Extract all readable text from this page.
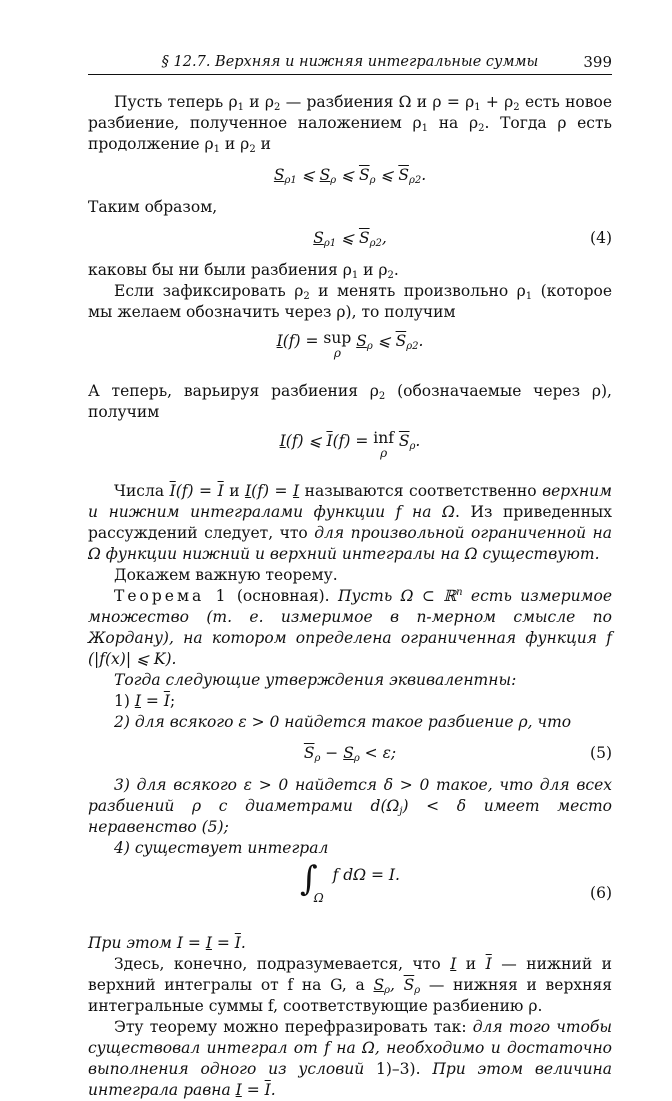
§ 12.7. Верхняя и нижняя интегральные суммы	399

Пусть теперь $\rho_1$ и $\rho_2$ — разбиения Ω и $\rho = \rho_1 + \rho_2$ есть новое разбиение, полученное наложением $\rho_1$ на $\rho_2$. Тогда ρ есть продолжение $\rho_1$ и $\rho_2$ и

$S_{\rho 1}$ ⩽ $S_\rho$ ⩽ $\overline{S}_\rho$ ⩽ $\overline{S}_{\rho 2}$.

Таким образом,

$S_{\rho 1}$ ⩽ $\overline{S}_{\rho 2}$,	(4)

каковы бы ни были разбиения $\rho_1$ и $\rho_2$.

Если зафиксировать $\rho_2$ и менять произвольно $\rho_1$ (которое мы желаем обозначить через ρ), то получим

I(f) = sup
ρ
$S_\rho$ ⩽ $\overline{S}_{\rho 2}$.

А теперь, варьируя разбиения $\rho_2$ (обозначаемые через ρ), получим

I(f) ⩽ $\overline{I}(f)$ = inf
ρ
$\overline{S}_\rho$.

Числа $\overline{I}(f) = \overline{I}$ и I(f) = I называются соответственно верхним и нижним интегралами функции f на Ω. Из приведенных рассуждений следует, что для произвольной ограниченной на Ω функции нижний и верхний интегралы на Ω существуют.

Докажем важную теорему.

Теорема 1 (основная). Пусть Ω ⊂ ℝ$^n$ есть измеримое множество (т. е. измеримое в n-мерном смысле по Жордану), на котором определена ограниченная функция f (|f(x)| ⩽ K).

Тогда следующие утверждения эквивалентны:

1) $I = \overline{I}$;

2) для всякого ε > 0 найдется такое разбиение ρ, что

$\overline{S}_\rho - S_\rho < \varepsilon$;	(5)

3) для всякого ε > 0 найдется δ > 0 такое, что для всех разбиений ρ с диаметрами $d(\Omega_j) < \delta$ имеет место неравенство (5);

4) существует интеграл

$\int_\Omega$ f dΩ = I.
(6)

При этом $I = I = \overline{I}$.

Здесь, конечно, подразумевается, что I и $\overline{I}$ — нижний и верхний интегралы от f на G, а $S_\rho$, $\overline{S}_\rho$ — нижняя и верхняя интегральные суммы f, соответствующие разбиению ρ.

Эту теорему можно перефразировать так: для того чтобы существовал интеграл от f на Ω, необходимо и достаточно выполнения одного из условий 1)–3). При этом величина интеграла равна $I = \overline{I}$.
